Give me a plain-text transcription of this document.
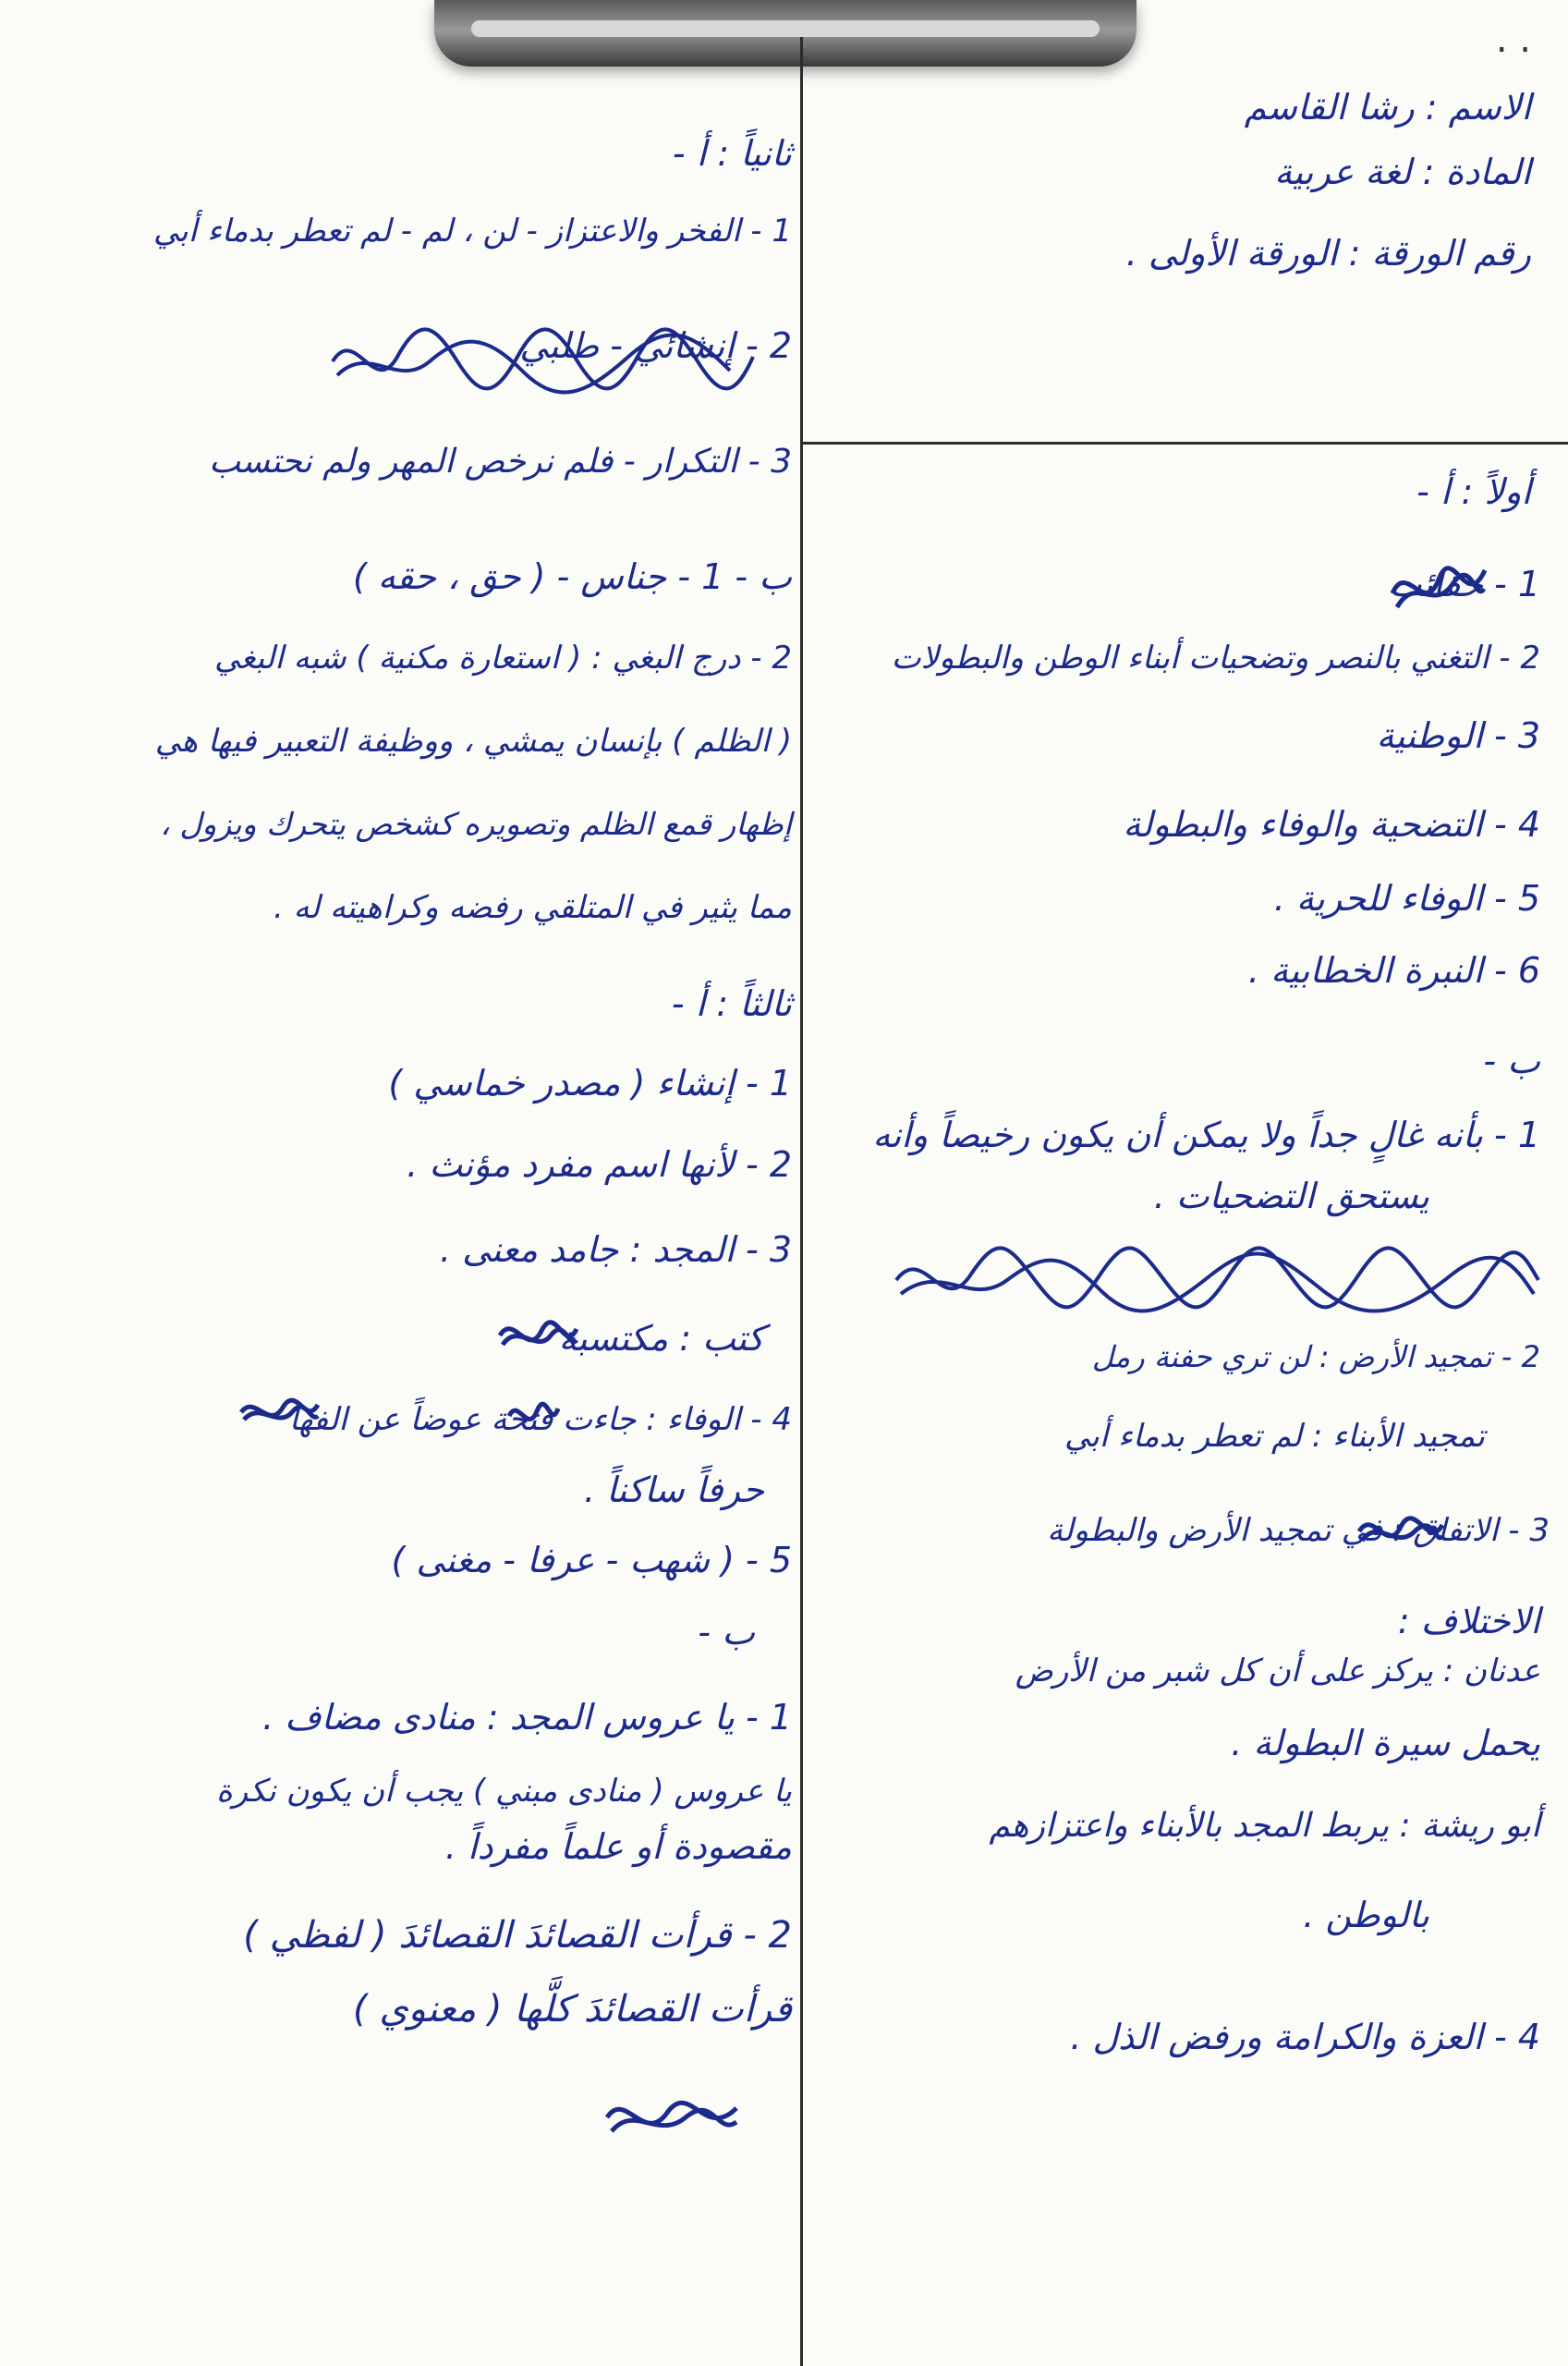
. .
الاسم : رشا القاسم
المادة : لغة عربية
رقم الورقة : الورقة الأولى .
أولاً : أ -
1 - حقائب
2 - التغني بالنصر وتضحيات أبناء الوطن والبطولات
3 - الوطنية
4 - التضحية والوفاء والبطولة
5 - الوفاء للحرية .
6 - النبرة الخطابية .
ب -
1 - بأنه غالٍ جداً ولا يمكن أن يكون رخيصاً وأنه
يستحق التضحيات .
2 - تمجيد الأرض : لن تري حفنة رمل
تمجيد الأبناء : لم تعطر بدماء أبي
3 - الاتفاق : في تمجيد الأرض والبطولة
الاختلاف :
عدنان : يركز على أن كل شبر من الأرض
يحمل سيرة البطولة .
أبو ريشة : يربط المجد بالأبناء واعتزازهم
بالوطن .
4 - العزة والكرامة ورفض الذل .
ثانياً : أ -
1 - الفخر والاعتزاز - لن ، لم - لم تعطر بدماء أبي
2 - إنشائي - طلبي
3 - التكرار - فلم نرخص المهر ولم نحتسب
ب - 1 - جناس - ( حق ، حقه )
2 - درج البغي : ( استعارة مكنية ) شبه البغي
( الظلم ) بإنسان يمشي ، ووظيفة التعبير فيها هي
إظهار قمع الظلم وتصويره كشخص يتحرك ويزول ،
مما يثير في المتلقي رفضه وكراهيته له .
ثالثاً : أ -
1 - إنشاء ( مصدر خماسي )
2 - لأنها اسم مفرد مؤنث .
3 - المجد : جامد معنى .
كتب : مكتسبة
4 - الوفاء : جاءت فتحة عوضاً عن الفها
حرفاً ساكناً .
5 - ( شهب - عرفا - مغنى )
ب -
1 - يا عروس المجد : منادى مضاف .
يا عروس ( منادى مبني ) يجب أن يكون نكرة
مقصودة أو علماً مفرداً .
2 - قرأت القصائدَ القصائدَ ( لفظي )
قرأت القصائدَ كلَّها ( معنوي )
